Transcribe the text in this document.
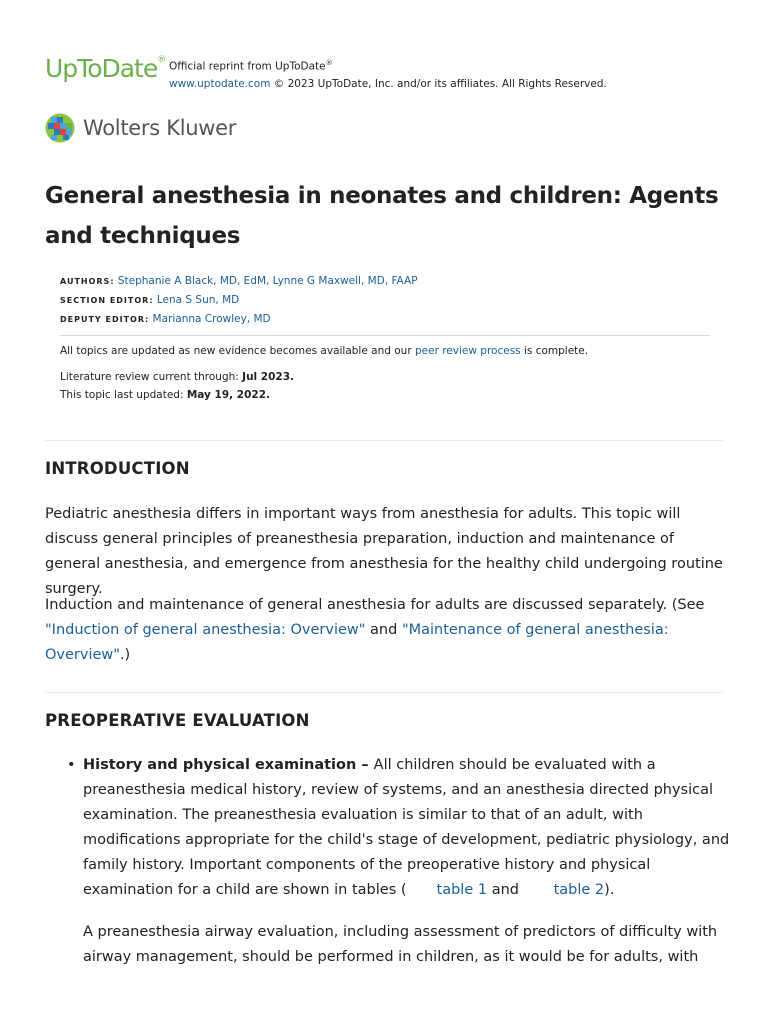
UpToDate®
Official reprint from UpToDate®
www.uptodate.com © 2023 UpToDate, Inc. and/or its affiliates. All Rights Reserved.
Wolters Kluwer
General anesthesia in neonates and children: Agents and techniques
AUTHORS: Stephanie A Black, MD, EdM, Lynne G Maxwell, MD, FAAP
SECTION EDITOR: Lena S Sun, MD
DEPUTY EDITOR: Marianna Crowley, MD

All topics are updated as new evidence becomes available and our peer review process is complete.

Literature review current through: Jul 2023.

This topic last updated: May 19, 2022.

INTRODUCTION

Pediatric anesthesia differs in important ways from anesthesia for adults. This topic will discuss general principles of preanesthesia preparation, induction and maintenance of general anesthesia, and emergence from anesthesia for the healthy child undergoing routine surgery.

Induction and maintenance of general anesthesia for adults are discussed separately. (See "Induction of general anesthesia: Overview" and "Maintenance of general anesthesia: Overview".)

PREOPERATIVE EVALUATION
• History and physical examination – All children should be evaluated with a preanesthesia medical history, review of systems, and an anesthesia directed physical examination. The preanesthesia evaluation is similar to that of an adult, with modifications appropriate for the child's stage of development, pediatric physiology, and family history. Important components of the preoperative history and physical examination for a child are shown in tables ( table 1 and table 2).

A preanesthesia airway evaluation, including assessment of predictors of difficulty with airway management, should be performed in children, as it would be for adults, with
